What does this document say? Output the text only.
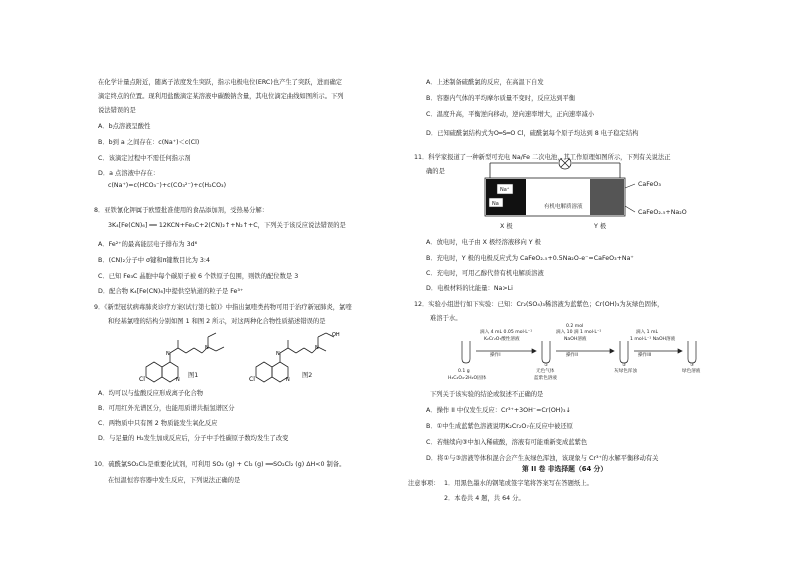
在化学计量点附近，随离子浓度发生突跃，指示电极电位(ERC)也产生了突跃，进而确定
滴定终点的位置。现利用盐酸滴定某溶液中碳酸钠含量，其电位滴定曲线如图所示。下列
说法错误的是
A．b点溶液呈酸性
B．b到 a 之间存在：c(Na⁺)＜c(Cl)
C．该滴定过程中不需任何指示剂
D．a 点溶液中存在：
c(Na⁺)=c(HCO₃⁻)+c(CO₃²⁻)+c(H₂CO₃)
8．亚铁氰化钾属于欧盟批准使用的食品添加剂，受热易分解：
3K₄[Fe(CN)₆] ══ 12KCN+Fe₃C+2(CN)₂↑+N₂↑+C，下列关于该反应说法错误的是
A．Fe²⁺的最高能层电子排布为 3d⁶
B．(CN)₂分子中 σ键和π键数目比为 3:4
C．已知 Fe₃C 晶胞中每个碳原子被 6 个铁原子包围，则铁的配位数是 3
D．配合物 K₄[Fe(CN)₆]中提供空轨道的粒子是 Fe³⁺
9．《新型冠状病毒肺炎诊疗方案(试行第七版)》中指出氯喹类药物可用于治疗新冠肺炎，氯喹
和羟基氯喹的结构分别如图 1 和图 2 所示，对这两种化合物性质描述错误的是
Cl	N
N
N
图1
Cl	N
N
N
OH
图2
A．均可以与盐酸反应形成离子化合物
B．可用红外光谱区分，也能用质谱共振氢谱区分
C．两物质中只有图 2 物质能发生氧化反应
D．与足量的 H₂发生加成反应后，分子中手性碳原子数均发生了改变
10．硫酰氯SO₂Cl₂是重要化试剂，可利用 SO₂ (g) + Cl₂ (g) ══SO₂Cl₂ (g) ΔH<0 制备。
在恒温恒容容器中发生反应，下列说法正确的是
A．上述制备硫酰氯的反应，在高温下自发
B．容器内气体的平均摩尔质量不变时，反应达到平衡
C．温度升高，平衡逆向移动，逆向速率增大，正向速率减小
D．已知硫酰氯结构式为O═S═O Cl，硫酰氯每个原子均达到 8 电子稳定结构
11．科学家报道了一种新型可充电 Na/Fe 二次电池，其工作原理如图所示，下列有关说法正
确的是
Na⁺
Na	有机电解质溶液
CaFeO₃
CaFeO₂.₅+Na₂O
X 极	Y 极
A．放电时，电子由 X 极经溶液移向 Y 极
B．充电时，Y 极的电极反应式为 CaFeO₂.₅+0.5Na₂O-e⁻=CaFeO₃+Na⁺
C．充电时，可用乙醇代替有机电解质溶液
D．电极材料的比能量：Na>Li
12．实验小组进行如下实验：已知：Cr₂(SO₄)₃稀溶液为蓝紫色；Cr(OH)₃为灰绿色固体，
难溶于水。
0.1 g
H₂C₂O₄·2H₂O固体
滴入 4 mL 0.05 mol·L⁻¹
K₂Cr₂O₇酸性溶液
操作I
0.2 mol
滴入 10 滴 1 mol·L⁻¹
NaOH溶液
操作II
滴入 1 mL
1 mol·L⁻¹ NaOH溶液
操作III
①
无色气体
蓝紫色溶液
②
灰绿色浑浊
③
绿色溶液
下列关于该实验的结论或叙述不正确的是
A．操作 II 中仅发生反应：Cr³⁺+3OH⁻=Cr(OH)₃↓
B．①中生成蓝紫色溶液说明K₂Cr₂O₇在反应中被还原
C．若继续向③中加入稀硫酸，溶液有可能重新变成蓝紫色
D．将①与③溶液等体积混合会产生灰绿色浑浊，该现象与 Cr³⁺的水解平衡移动有关
第 II 卷 非选择题（64 分）
注意事项： 1．用黑色墨水的钢笔或签字笔将答案写在答题纸上。
2．本卷共 4 题，共 64 分。
